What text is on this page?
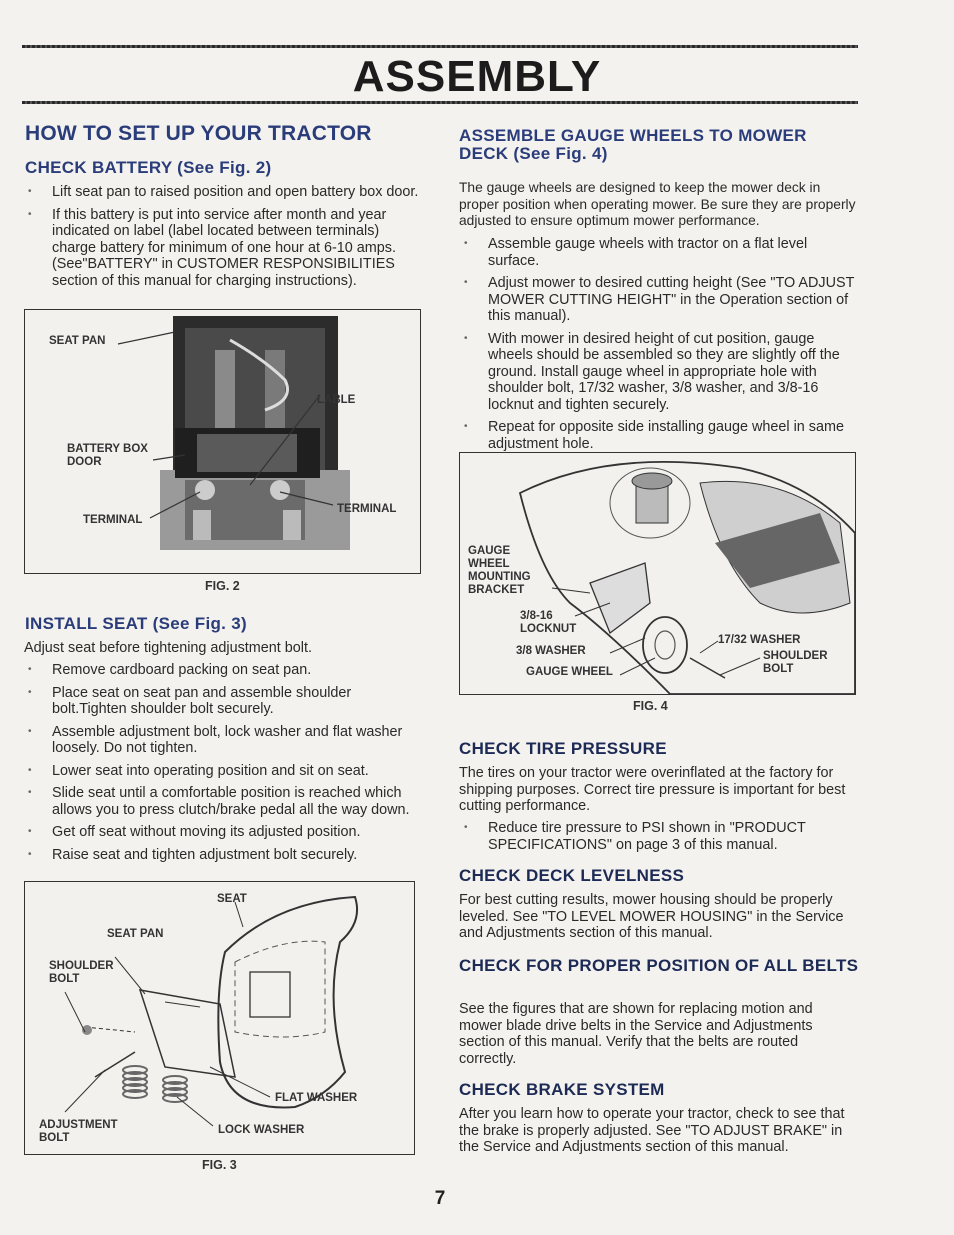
ASSEMBLY
HOW TO SET UP YOUR TRACTOR
CHECK BATTERY (See Fig. 2)
• Lift seat pan to raised position and open battery box door.
• If this battery is put into service after month and year indicated on label (label located between terminals) charge battery for minimum of one hour at 6-10 amps. (See"BATTERY" in CUSTOMER RESPONSIBILITIES section of this manual for charging instructions).
SEAT PAN
LABLE
BATTERY BOX DOOR
TERMINAL
TERMINAL
FIG. 2
INSTALL SEAT (See Fig. 3)

Adjust seat before tightening adjustment bolt.

• Remove cardboard packing on seat pan.
• Place seat on seat pan and assemble shoulder bolt.Tighten shoulder bolt securely.
• Assemble adjustment bolt, lock washer and flat washer loosely. Do not tighten.
• Lower seat into operating position and sit on seat.
• Slide seat until a comfortable position is reached which allows you to press clutch/brake pedal all the way down.
• Get off seat without moving its adjusted position.
• Raise seat and tighten adjustment bolt securely.
SEAT
SEAT PAN
SHOULDER BOLT
FLAT WASHER
ADJUSTMENT BOLT
LOCK WASHER
FIG. 3
ASSEMBLE GAUGE WHEELS TO MOWER DECK (See Fig. 4)

The gauge wheels are designed to keep the mower deck in proper position when operating mower. Be sure they are properly adjusted to ensure optimum mower performance.

• Assemble gauge wheels with tractor on a flat level surface.
• Adjust mower to desired cutting height (See "TO ADJUST MOWER CUTTING HEIGHT" in the Operation section of this manual).
• With mower in desired height of cut position, gauge wheels should be assembled so they are slightly off the ground. Install gauge wheel in appropriate hole with shoulder bolt, 17/32 washer, 3/8 washer, and 3/8-16 locknut and tighten securely.
• Repeat for opposite side installing gauge wheel in same adjustment hole.
GAUGE WHEEL MOUNTING BRACKET
3/8-16 LOCKNUT
3/8 WASHER
17/32 WASHER
SHOULDER BOLT
GAUGE WHEEL
FIG. 4
CHECK TIRE PRESSURE

The tires on your tractor were overinflated at the factory for shipping purposes. Correct tire pressure is important for best cutting performance.

• Reduce tire pressure to PSI shown in "PRODUCT SPECIFICATIONS" on page 3 of this manual.
CHECK DECK LEVELNESS

For best cutting results, mower housing should be properly leveled. See "TO LEVEL MOWER HOUSING" in the Service and Adjustments section of this manual.

CHECK FOR PROPER POSITION OF ALL BELTS

See the figures that are shown for replacing motion and mower blade drive belts in the Service and Adjustments section of this manual. Verify that the belts are routed correctly.

CHECK BRAKE SYSTEM

After you learn how to operate your tractor, check to see that the brake is properly adjusted. See "TO ADJUST BRAKE" in the Service and Adjustments section of this manual.

7
